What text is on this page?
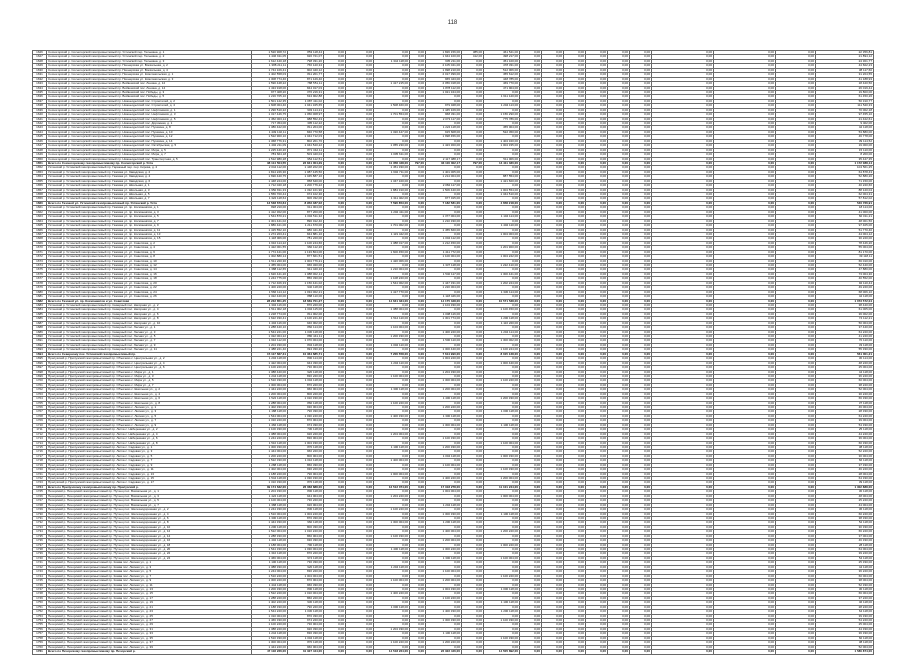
118
1626	Сосногорский р. Сосногорский газопромысловый пр. Ухтинский пер. Тельмана, д. 1	1 520 908,72	853 118,44	0,00	0,00	0,00	0,00	1 826 156,00	385,00	461 541,00	0,00	0,00	0,00	0,00	0,00	0,00	0,00	0,00	0,00	22 356,81
1627	Сосногорский р. Сосногорский газопромысловый пр. Ухтинский пер. Тельмана, д. 2	1 446 911,05	920 721,07	0,00	0,00	0,00	0,00	1 944 100,00	412,00	498 217,00	0,00	0,00	0,00	0,00	0,00	0,00	0,00	0,00	0,00	21 894,12
1628	Сосногорский р. Сосногорский газопромысловый пр. Ухтинский пер. Тельмана, д. 3	1 612 440,18	798 331,20	0,00	0,00	1 344 118,00	0,00	605 211,00	0,00	451 100,00	0,00	0,00	0,00	0,00	0,00	0,00	0,00	0,00	0,00	24 301,77
1629	Сосногорский р. Сосногорский газопромысловый пр. Пионерская ул. Вокзальная, д. 2	1 388 211,11	766 120,34	0,00	0,00	0,00	0,00	2 105 041,00	0,00	478 331,00	0,00	0,00	0,00	0,00	0,00	0,00	0,00	0,00	0,00	44 602,23
1630	Сосногорский р. Сосногорский газопромысловый пр. Пионерская ул. Вокзальная, д. 4	1 744 109,41	902 440,12	0,00	0,00	0,00	0,00	1 998 210,00	0,00	512 006,00	0,00	0,00	0,00	0,00	0,00	0,00	0,00	0,00	0,00	38 117,60
1631	Сосногорский р. Сосногорский газопромысловый пр. Пионерская ул. Комсомольская, д. 1	1 402 558,03	811 201,77	0,00	0,00	0,00	0,00	2 017 399,00	0,00	455 612,00	0,00	0,00	0,00	0,00	0,00	0,00	0,00	0,00	0,00	31 204,55
1632	Сосногорский р. Сосногорский газопромысловый пр. Пионерская ул. Комсомольская, д. 3	1 308 774,46	871 129,40	0,00	0,00	0,00	0,00	965 443,00	0,00	448 785,00	0,00	0,00	0,00	0,00	0,00	0,00	0,00	0,00	0,00	41 188,93
1633	Сосногорский р. Сосногорский газопромысловый пр. Войвожский пос. Ленина, д. 12	1 590 448,22	788 551,11	0,00	0,00	1 417 215,00	0,00	2 056 018,00	0,00	469 770,00	0,00	0,00	0,00	0,00	0,00	0,00	0,00	0,00	0,00	18 420,50
1634	Сосногорский р. Сосногорский газопромысловый пр. Войвожский пос. Ленина, д. 14	1 434 918,00	844 017,03	0,00	0,00	0,00	0,00	1 878 112,00	0,00	471 904,00	0,00	0,00	0,00	0,00	0,00	0,00	0,00	0,00	0,00	26 019,44
1635	Сосногорский р. Сосногорский газопромысловый пр. Войвожский пос. Победы, д. 3	977 408,20	376 216,31	0,00	0,00	0,00	0,00	1 021 344,00	0,00	0,00	0,00	0,00	0,00	0,00	0,00	0,00	0,00	0,00	0,00	19 800,00
1636	Сосногорский р. Сосногорский газопромысловый пр. Войвожский пос. Победы, д. 5	1 216 705,10	634 902,88	0,00	0,00	0,00	0,00	0,00	0,00	1 611 120,00	0,00	0,00	0,00	0,00	0,00	0,00	0,00	0,00	0,00	61 450,26
1637	Сосногорский р. Сосногорский газопромысловый пр. Нижнеодесский пос. Строителей, д. 2	1 501 122,35	1 087 411,02	0,00	0,00	0,00	0,00	0,00	0,00	0,00	0,00	0,00	0,00	0,00	0,00	0,00	0,00	0,00	0,00	50 310,77
1638	Сосногорский р. Сосногорский газопромысловый пр. Нижнеодесский пос. Строителей, д. 4	1 608 004,40	1 041 325,65	0,00	0,00	1 508 460,00	0,00	979 048,00	0,00	1 204 113,00	0,00	0,00	0,00	0,00	0,00	0,00	0,00	0,00	0,00	111 540,33
1639	Сосногорский р. Сосногорский газопромысловый пр. Нижнеодесский пос. Нефтяников, д. 1	1 290 510,22	903 114,21	0,00	0,00	0,00	0,00	1 445 109,00	0,00	0,00	0,00	0,00	0,00	0,00	0,00	0,00	0,00	0,00	0,00	70 002,18
1640	Сосногорский р. Сосногорский газопромысловый пр. Нижнеодесский пос. Нефтяников, д. 3	1 317 446,75	1 050 008,97	0,00	0,00	1 701 554,00	0,00	968 331,00	0,00	1 156 290,00	0,00	0,00	0,00	0,00	0,00	0,00	0,00	0,00	0,00	97 455,10
1641	Сосногорский р. Сосногорский газопромысловый пр. Нижнеодесский пос. Нефтяников, д. 5	1 452 003,14	988 552,43	0,00	0,00	0,00	0,00	2 073 117,00	0,00	775 786,00	0,00	0,00	0,00	0,00	0,00	0,00	0,00	0,00	0,00	21 422,61
1642	Сосногорский р. Сосногорский газопромысловый пр. Нижнеодесский пос. Дорожная, д. 1	717 454,00	395 112,22	0,00	0,00	0,00	0,00	0,00	0,00	0,00	0,00	0,00	0,00	0,00	0,00	0,00	0,00	0,00	0,00	9 402,00
1643	Сосногорский р. Сосногорский газопромысловый пр. Нижнеодесский пос. Пушкина, д. 8	1 380 422,00	811 204,00	0,00	0,00	0,00	0,00	1 224 118,00	0,00	455 004,00	0,00	0,00	0,00	0,00	0,00	0,00	0,00	0,00	0,00	42 118,00
1644	Сосногорский р. Сосногорский газопромысловый пр. Нижнеодесский пос. Пушкина, д. 10	1 449 102,11	840 770,58	0,00	0,00	1 320 447,00	0,00	915 608,00	0,00	522 450,00	0,00	0,00	0,00	0,00	0,00	0,00	0,00	0,00	0,00	53 880,00
1645	Сосногорский р. Сосногорский газопромысловый пр. Нижнеодесский пос. Пушкина, д. 12	1 522 900,10	1 044 712,03	0,00	0,00	0,00	0,00	1 998 456,00	0,00	0,00	0,00	0,00	0,00	0,00	0,00	0,00	0,00	0,00	0,00	46 778,00
1646	Сосногорский р. Сосногорский газопромысловый пр. Нижнеодесский пос. Пушкина, д. 14	1 368 776,31	802 201,76	0,00	0,00	0,00	0,00	0,00	0,00	1 404 320,00	0,00	0,00	0,00	0,00	0,00	0,00	0,00	0,00	0,00	39 114,52
1647	Сосногорский р. Сосногорский газопромысловый пр. Нижнеодесский пос. Октябрьская, д. 5	1 402 211,09	1 044 520,22	0,00	0,00	1 055 230,00	0,00	1 423 300,00	0,00	1 004 335,00	0,00	0,00	0,00	0,00	0,00	0,00	0,00	0,00	0,00	19 000,00
1648	Сосногорский р. Сосногорский газопромысловый пр. Нижнеодесский пос. Мира, д. 5	1 225 440,20	871 342,11	0,00	0,00	0,00	0,00	0,00	0,00	0,00	0,00	0,00	0,00	0,00	0,00	0,00	0,00	0,00	0,00	15 110,00
1649	Сосногорский р. Сосногорский газопромысловый пр. Нижнеодесский пос. Мира, д. 7	783 664,18	503 440,04	0,00	0,00	1 005 611,00	0,00	0,00	0,00	0,00	0,00	0,00	0,00	0,00	0,00	0,00	0,00	0,00	0,00	8 200,00
1650	Сосногорский р. Сосногорский газопромысловый пр. Нижнеодесский пос. Транспортная, д. 5	1 512 980,28	954 112,51	0,00	0,00	0,00	0,00	2 117 488,17	0,00	511 006,00	0,00	0,00	0,00	0,00	0,00	0,00	0,00	0,00	0,00	35 447,35
1651	Всего по Сосногорскому газопромысловому пр. Сосногорский р. Ухта	38 114 504,55	22 841 004,29	0,00	0,00	11 358 448,00	797,00	33 116 302,17	797,00	14 411 330,00	0,00	0,00	0,00	0,00	0,00	0,00	0,00	0,00	0,00	1 172 088,14
1652	Ухтинский р. Ухтинский газопромысловый пр. Гаражный пер. пер. Кирова, д. 4	2 044 112,00	1 448 202,00	0,00	0,00	1 451 330,00	0,00	0,00	0,00	0,00	0,00	0,00	0,00	0,00	0,00	0,00	0,00	0,00	0,00	104 561,25
1653	Ухтинский р. Ухтинский газопромысловый пр. Газовая ул. Заводская, д. 2	1 814 226,30	1 087 445,50	0,00	0,00	1 602 711,00	0,00	1 401 005,00	0,00	0,00	0,00	0,00	0,00	0,00	0,00	0,00	0,00	0,00	0,00	64 878,43
1654	Ухтинский р. Ухтинский газопромысловый пр. Газовая ул. Заводская, д. 4	1 690 440,75	1 045 887,10	0,00	0,00	0,00	0,00	1 214 004,00	0,00	887 554,00	0,00	0,00	0,00	0,00	0,00	0,00	0,00	0,00	0,00	52 880,20
1655	Ухтинский р. Ухтинский газопромысловый пр. Газовая ул. Заводская, д. 6	1 448 224,00	958 640,00	0,00	0,00	1 347 100,00	0,00	0,00	0,00	1 421 600,00	0,00	0,00	0,00	0,00	0,00	0,00	0,00	0,00	0,00	71 150,00
1656	Ухтинский р. Ухтинский газопромысловый пр. Газовая ул. Школьная, д. 1	1 712 040,18	1 200 776,22	0,00	0,00	0,00	0,00	2 084 117,00	0,00	0,00	0,00	0,00	0,00	0,00	0,00	0,00	0,00	0,00	0,00	40 220,66
1657	Ухтинский р. Ухтинский газопромысловый пр. Газовая ул. Школьная, д. 3	1 950 811,33	1 332 101,90	0,00	0,00	1 884 310,00	0,00	1 506 440,00	0,00	1 004 554,00	0,00	0,00	0,00	0,00	0,00	0,00	0,00	0,00	0,00	88 120,04
1658	Ухтинский р. Ухтинский газопромысловый пр. Газовая ул. Школьная, д. 5	1 556 700,44	974 102,30	0,00	0,00	0,00	0,00	0,00	0,00	1 344 510,00	0,00	0,00	0,00	0,00	0,00	0,00	0,00	0,00	0,00	62 004,31
1659	Ухтинский р. Ухтинский газопромысловый пр. Газовая ул. Школьная, д. 7	1 322 118,64	906 332,00	0,00	0,00	1 311 402,00	0,00	977 015,00	0,00	0,00	0,00	0,00	0,00	0,00	0,00	0,00	0,00	0,00	0,00	57 812,02
1660	Всего по Газовой ул. Ухтинский газопромысловый пр. Ухтинский р. Ухта	13 538 673,64	8 953 487,02	0,00	0,00	7 596 853,00	0,00	7 182 581,00	0,00	4 658 218,00	0,00	0,00	0,00	0,00	0,00	0,00	0,00	0,00	0,00	540 726,91
1661	Ухтинский р. Ухтинский газопромысловый пр. Газовая ул. пр. Космонавтов, д. 1	998 210,00	611 004,00	0,00	0,00	0,00	0,00	0,00	0,00	0,00	0,00	0,00	0,00	0,00	0,00	0,00	0,00	0,00	0,00	18 114,00
1662	Ухтинский р. Ухтинский газопромысловый пр. Газовая ул. пр. Космонавтов, д. 3	1 412 302,00	877 200,00	0,00	0,00	1 202 411,00	0,00	0,00	0,00	0,00	0,00	0,00	0,00	0,00	0,00	0,00	0,00	0,00	0,00	41 000,00
1663	Ухтинский р. Ухтинский газопромысловый пр. Газовая ул. пр. Космонавтов, д. 5	1 544 870,21	1 004 511,32	0,00	0,00	0,00	0,00	1 377 004,00	0,00	1 104 114,00	0,00	0,00	0,00	0,00	0,00	0,00	0,00	0,00	0,00	60 011,21
1664	Ухтинский р. Ухтинский газопромысловый пр. Газовая ул. пр. Космонавтов, д. 7	1 301 441,02	890 012,40	0,00	0,00	0,00	0,00	1 210 330,00	0,00	0,00	0,00	0,00	0,00	0,00	0,00	0,00	0,00	0,00	0,00	48 001,56
1665	Ухтинский р. Ухтинский газопромысловый пр. Газовая ул. пр. Космонавтов, д. 9	1 880 421,00	1 211 670,00	0,00	0,00	1 701 002,00	0,00	0,00	0,00	1 402 110,00	0,00	0,00	0,00	0,00	0,00	0,00	0,00	0,00	0,00	97 405,00
1666	Ухтинский р. Ухтинский газопромысловый пр. Газовая ул. пр. Космонавтов, д. 11	1 415 552,10	980 441,40	0,00	0,00	0,00	0,00	1 455 660,00	0,00	0,00	0,00	0,00	0,00	0,00	0,00	0,00	0,00	0,00	0,00	51 770,40
1667	Ухтинский р. Ухтинский газопромысловый пр. Газовая ул. пр. Космонавтов, д. 13	1 274 203,41	844 881,10	0,00	0,00	1 119 442,00	0,00	0,00	0,00	1 004 003,00	0,00	0,00	0,00	0,00	0,00	0,00	0,00	0,00	0,00	44 004,12
1668	Ухтинский р. Ухтинский газопромысловый пр. Газовая ул. пр. Космонавтов, д. 15	1 118 006,00	781 220,00	0,00	0,00	0,00	0,00	1 004 112,00	0,00	0,00	0,00	0,00	0,00	0,00	0,00	0,00	0,00	0,00	0,00	30 220,00
1669	Ухтинский р. Ухтинский газопромысловый пр. Газовая ул. ул. Советская, д. 2	1 610 114,22	1 100 244,66	0,00	0,00	1 388 017,00	0,00	1 212 450,00	0,00	0,00	0,00	0,00	0,00	0,00	0,00	0,00	0,00	0,00	0,00	78 446,20
1670	Ухтинский р. Ухтинский газопромысловый пр. Газовая ул. ул. Советская, д. 4	1 422 001,55	960 112,20	0,00	0,00	0,00	0,00	0,00	0,00	1 201 900,00	0,00	0,00	0,00	0,00	0,00	0,00	0,00	0,00	0,00	55 004,00
1671	Ухтинский р. Ухтинский газопромысловый пр. Газовая ул. ул. Советская, д. 6	1 774 441,00	1 133 804,00	0,00	0,00	1 600 450,00	0,00	1 411 772,00	0,00	0,00	0,00	0,00	0,00	0,00	0,00	0,00	0,00	0,00	0,00	81 170,00
1672	Ухтинский р. Ухтинский газопромысловый пр. Газовая ул. ул. Советская, д. 8	1 302 880,14	877 661,51	0,00	0,00	0,00	0,00	1 100 004,00	0,00	1 004 222,00	0,00	0,00	0,00	0,00	0,00	0,00	0,00	0,00	0,00	39 118,11
1673	Ухтинский р. Ухтинский газопромысловый пр. Газовая ул. ул. Советская, д. 10	1 511 220,30	1 004 776,21	0,00	0,00	1 420 006,00	0,00	0,00	0,00	0,00	0,00	0,00	0,00	0,00	0,00	0,00	0,00	0,00	0,00	66 010,00
1674	Ухтинский р. Ухтинский газопромысловый пр. Газовая ул. ул. Советская, д. 12	1 455 004,00	966 320,00	0,00	0,00	0,00	0,00	1 337 118,00	0,00	1 222 410,00	0,00	0,00	0,00	0,00	0,00	0,00	0,00	0,00	0,00	52 440,00
1675	Ухтинский р. Ухтинский газопромысловый пр. Газовая ул. ул. Советская, д. 14	1 388 112,65	911 440,10	0,00	0,00	1 210 004,00	0,00	0,00	0,00	0,00	0,00	0,00	0,00	0,00	0,00	0,00	0,00	0,00	0,00	47 880,00
1676	Ухтинский р. Ухтинский газопромысловый пр. Газовая ул. ул. Советская, д. 16	1 620 441,20	1 088 002,14	0,00	0,00	0,00	0,00	1 540 117,00	0,00	1 300 441,00	0,00	0,00	0,00	0,00	0,00	0,00	0,00	0,00	0,00	73 004,30
1677	Ухтинский р. Ухтинский газопромысловый пр. Газовая ул. ул. Советская, д. 18	1 244 775,00	856 330,00	0,00	0,00	1 108 220,00	0,00	0,00	0,00	0,00	0,00	0,00	0,00	0,00	0,00	0,00	0,00	0,00	0,00	40 552,00
1678	Ухтинский р. Ухтинский газопромысловый пр. Газовая ул. ул. Советская, д. 20	1 712 406,33	1 150 441,02	0,00	0,00	1 544 002,00	0,00	1 447 331,00	0,00	1 202 224,00	0,00	0,00	0,00	0,00	0,00	0,00	0,00	0,00	0,00	92 110,44
1679	Ухтинский р. Ухтинский газопромысловый пр. Газовая ул. ул. Советская, д. 22	1 400 220,00	940 118,00	0,00	0,00	0,00	0,00	1 220 004,00	0,00	0,00	0,00	0,00	0,00	0,00	0,00	0,00	0,00	0,00	0,00	49 220,00
1680	Ухтинский р. Ухтинский газопромысловый пр. Газовая ул. ул. Советская, д. 24	1 566 114,12	1 034 002,21	0,00	0,00	1 417 770,00	0,00	0,00	0,00	1 330 114,00	0,00	0,00	0,00	0,00	0,00	0,00	0,00	0,00	0,00	68 006,10
1681	Ухтинский р. Ухтинский газопромысловый пр. Газовая ул. ул. Советская, д. 26	1 322 440,00	888 110,00	0,00	0,00	0,00	0,00	1 118 446,00	0,00	0,00	0,00	0,00	0,00	0,00	0,00	0,00	0,00	0,00	0,00	42 118,00
1682	Всего по Газовой ул. пр. Космонавтов и ул. Советская	28 232 851,25	18 669 701,27	0,00	0,00	14 631 334,00	0,00	14 175 348,00	0,00	10 571 538,00	0,00	0,00	0,00	0,00	0,00	0,00	0,00	0,00	0,00	1 073 572,04
1683	Ухтинский р. Ухтинский газопромысловый пр. Северный пос. Нагорная ул., д. 2	1 304 116,00	870 220,00	0,00	0,00	0,00	0,00	1 104 330,00	0,00	0,00	0,00	0,00	0,00	0,00	0,00	0,00	0,00	0,00	0,00	38 440,00
1684	Ухтинский р. Ухтинский газопромысловый пр. Северный пос. Нагорная ул., д. 4	1 511 002,18	1 004 115,00	0,00	0,00	1 388 004,00	0,00	0,00	0,00	1 100 450,00	0,00	0,00	0,00	0,00	0,00	0,00	0,00	0,00	0,00	61 005,00
1685	Ухтинский р. Ухтинский газопромысловый пр. Северный пос. Нагорная ул., д. 6	1 218 774,00	811 002,00	0,00	0,00	0,00	0,00	1 008 116,00	0,00	0,00	0,00	0,00	0,00	0,00	0,00	0,00	0,00	0,00	0,00	36 002,00
1686	Ухтинский р. Ухтинский газопромысловый пр. Северный пос. Нагорная ул., д. 8	1 622 330,41	1 100 221,40	0,00	0,00	1 512 110,00	0,00	1 301 774,00	0,00	1 200 118,00	0,00	0,00	0,00	0,00	0,00	0,00	0,00	0,00	0,00	74 112,21
1687	Ухтинский р. Ухтинский газопромысловый пр. Северный пос. Нагорная ул., д. 10	1 404 116,00	940 002,00	0,00	0,00	0,00	0,00	0,00	0,00	1 110 220,00	0,00	0,00	0,00	0,00	0,00	0,00	0,00	0,00	0,00	50 004,00
1688	Ухтинский р. Ухтинский газопромысловый пр. Северный пос. Лесная ул., д. 1	1 288 440,10	860 114,00	0,00	0,00	1 104 004,00	0,00	0,00	0,00	0,00	0,00	0,00	0,00	0,00	0,00	0,00	0,00	0,00	0,00	37 440,00
1689	Ухтинский р. Ухтинский газопромысловый пр. Северный пос. Лесная ул., д. 3	1 544 221,00	1 030 118,00	0,00	0,00	0,00	0,00	1 400 220,00	0,00	1 204 114,00	0,00	0,00	0,00	0,00	0,00	0,00	0,00	0,00	0,00	64 220,00
1690	Ухтинский р. Ухтинский газопромысловый пр. Северный пос. Лесная ул., д. 5	1 322 004,22	880 441,11	0,00	0,00	1 200 330,00	0,00	0,00	0,00	0,00	0,00	0,00	0,00	0,00	0,00	0,00	0,00	0,00	0,00	41 220,00
1691	Ухтинский р. Ухтинский газопромысловый пр. Северный пос. Лесная ул., д. 7	1 610 112,00	1 070 004,00	0,00	0,00	0,00	0,00	1 500 110,00	0,00	1 300 002,00	0,00	0,00	0,00	0,00	0,00	0,00	0,00	0,00	0,00	70 110,00
1692	Ухтинский р. Ухтинский газопромысловый пр. Северный пос. Лесная ул., д. 9	1 204 330,00	804 118,00	0,00	0,00	1 002 110,00	0,00	0,00	0,00	0,00	0,00	0,00	0,00	0,00	0,00	0,00	0,00	0,00	0,00	33 118,00
1693	Ухтинский р. Ухтинский газопромысловый пр. Северный пос. Лесная ул., д. 11	1 488 221,40	994 330,20	0,00	0,00	0,00	0,00	1 300 440,00	0,00	1 100 224,00	0,00	0,00	0,00	0,00	0,00	0,00	0,00	0,00	0,00	55 330,00
1694	Всего по Северному пос. Ухтинский газопромысловый пр.	15 117 667,31	10 364 685,71	0,00	0,00	7 206 558,00	0,00	7 614 990,00	0,00	8 015 128,00	0,00	0,00	0,00	0,00	0,00	0,00	0,00	0,00	0,00	561 001,21
1695	Прилузский р. Прилузский газопромысловый пр. Объячево с. Центральная ул., д. 2	1 204 118,00	800 114,00	0,00	0,00	0,00	0,00	1 004 220,00	0,00	0,00	0,00	0,00	0,00	0,00	0,00	0,00	0,00	0,00	0,00	30 114,00
1696	Прилузский р. Прилузский газопромысловый пр. Объячево с. Центральная ул., д. 4	1 422 004,00	944 330,00	0,00	0,00	1 204 110,00	0,00	0,00	0,00	1 000 440,00	0,00	0,00	0,00	0,00	0,00	0,00	0,00	0,00	0,00	48 220,00
1697	Прилузский р. Прилузский газопромысловый пр. Объячево с. Центральная ул., д. 6	1 100 220,00	730 004,00	0,00	0,00	0,00	0,00	0,00	0,00	0,00	0,00	0,00	0,00	0,00	0,00	0,00	0,00	0,00	0,00	25 004,00
1698	Прилузский р. Прилузский газопромысловый пр. Объячево с. Мира ул., д. 1	1 388 440,00	920 118,00	0,00	0,00	0,00	0,00	1 204 330,00	0,00	0,00	0,00	0,00	0,00	0,00	0,00	0,00	0,00	0,00	0,00	44 118,00
1699	Прилузский р. Прилузский газопромысловый пр. Объячево с. Мира ул., д. 3	1 244 118,00	830 220,00	0,00	0,00	1 100 004,00	0,00	0,00	0,00	0,00	0,00	0,00	0,00	0,00	0,00	0,00	0,00	0,00	0,00	36 220,00
1700	Прилузский р. Прилузский газопромысловый пр. Объячево с. Мира ул., д. 5	1 510 330,00	1 004 118,00	0,00	0,00	0,00	0,00	1 300 004,00	0,00	1 100 220,00	0,00	0,00	0,00	0,00	0,00	0,00	0,00	0,00	0,00	60 004,00
1701	Прилузский р. Прилузский газопромысловый пр. Объячево с. Мира ул., д. 7	1 300 004,00	870 220,00	0,00	0,00	0,00	0,00	0,00	0,00	0,00	0,00	0,00	0,00	0,00	0,00	0,00	0,00	0,00	0,00	38 220,00
1702	Прилузский р. Прилузский газопромысловый пр. Объячево с. Школьная ул., д. 2	1 444 220,00	960 004,00	0,00	0,00	1 300 118,00	0,00	1 200 004,00	0,00	0,00	0,00	0,00	0,00	0,00	0,00	0,00	0,00	0,00	0,00	52 004,00
1703	Прилузский р. Прилузский газопромысловый пр. Объячево с. Школьная ул., д. 4	1 200 004,00	800 220,00	0,00	0,00	0,00	0,00	0,00	0,00	0,00	0,00	0,00	0,00	0,00	0,00	0,00	0,00	0,00	0,00	30 220,00
1704	Прилузский р. Прилузский газопромысловый пр. Объячево с. Школьная ул., д. 6	1 522 118,00	1 010 330,00	0,00	0,00	0,00	0,00	1 400 118,00	0,00	1 200 330,00	0,00	0,00	0,00	0,00	0,00	0,00	0,00	0,00	0,00	66 330,00
1705	Прилузский р. Прилузский газопромысловый пр. Объячево с. Школьная ул., д. 8	1 288 004,00	860 118,00	0,00	0,00	1 100 220,00	0,00	0,00	0,00	0,00	0,00	0,00	0,00	0,00	0,00	0,00	0,00	0,00	0,00	37 118,00
1706	Прилузский р. Прилузский газопромысловый пр. Объячево с. Лесная ул., д. 1	1 402 330,00	930 004,00	0,00	0,00	0,00	0,00	1 200 220,00	0,00	0,00	0,00	0,00	0,00	0,00	0,00	0,00	0,00	0,00	0,00	46 004,00
1707	Прилузский р. Прилузский газопромысловый пр. Объячево с. Лесная ул., д. 3	1 188 118,00	790 330,00	0,00	0,00	0,00	0,00	0,00	0,00	1 000 118,00	0,00	0,00	0,00	0,00	0,00	0,00	0,00	0,00	0,00	28 330,00
1708	Прилузский р. Прилузский газопромысловый пр. Объячево с. Лесная ул., д. 5	1 544 004,00	1 030 220,00	0,00	0,00	1 400 330,00	0,00	1 300 118,00	0,00	0,00	0,00	0,00	0,00	0,00	0,00	0,00	0,00	0,00	0,00	64 220,00
1709	Прилузский р. Прилузский газопромысловый пр. Объячево с. Лесная ул., д. 7	1 310 220,00	870 004,00	0,00	0,00	0,00	0,00	0,00	0,00	0,00	0,00	0,00	0,00	0,00	0,00	0,00	0,00	0,00	0,00	39 004,00
1710	Прилузский р. Прилузский газопромысловый пр. Объячево с. Лесная ул., д. 9	1 466 118,00	974 330,00	0,00	0,00	0,00	0,00	1 300 004,00	0,00	1 100 118,00	0,00	0,00	0,00	0,00	0,00	0,00	0,00	0,00	0,00	54 330,00
1711	Прилузский р. Прилузский газопромысловый пр. Летка с. Набережная ул., д. 2	1 100 330,00	730 118,00	0,00	0,00	0,00	0,00	0,00	0,00	0,00	0,00	0,00	0,00	0,00	0,00	0,00	0,00	0,00	0,00	25 118,00
1712	Прилузский р. Прилузский газопромысловый пр. Летка с. Набережная ул., д. 4	1 388 004,00	920 220,00	0,00	0,00	1 204 004,00	0,00	0,00	0,00	0,00	0,00	0,00	0,00	0,00	0,00	0,00	0,00	0,00	0,00	44 220,00
1713	Прилузский р. Прилузский газопромысловый пр. Летка с. Набережная ул., д. 6	1 244 220,00	830 004,00	0,00	0,00	0,00	0,00	1 100 330,00	0,00	0,00	0,00	0,00	0,00	0,00	0,00	0,00	0,00	0,00	0,00	36 004,00
1714	Прилузский р. Прилузский газопромысловый пр. Летка с. Набережная ул., д. 8	1 510 118,00	1 004 330,00	0,00	0,00	0,00	0,00	0,00	0,00	1 100 004,00	0,00	0,00	0,00	0,00	0,00	0,00	0,00	0,00	0,00	60 330,00
1715	Прилузский р. Прилузский газопромысловый пр. Летка с. Садовая ул., д. 1	1 300 330,00	870 118,00	0,00	0,00	1 100 118,00	0,00	1 200 330,00	0,00	0,00	0,00	0,00	0,00	0,00	0,00	0,00	0,00	0,00	0,00	38 118,00
1716	Прилузский р. Прилузский газопромысловый пр. Летка с. Садовая ул., д. 3	1 444 004,00	960 220,00	0,00	0,00	0,00	0,00	0,00	0,00	0,00	0,00	0,00	0,00	0,00	0,00	0,00	0,00	0,00	0,00	52 220,00
1717	Прилузский р. Прилузский газопромысловый пр. Летка с. Садовая ул., д. 5	1 200 220,00	800 004,00	0,00	0,00	0,00	0,00	1 004 118,00	0,00	1 000 330,00	0,00	0,00	0,00	0,00	0,00	0,00	0,00	0,00	0,00	30 004,00
1718	Прилузский р. Прилузский газопромысловый пр. Летка с. Садовая ул., д. 7	1 522 330,00	1 010 118,00	0,00	0,00	1 400 004,00	0,00	0,00	0,00	0,00	0,00	0,00	0,00	0,00	0,00	0,00	0,00	0,00	0,00	66 118,00
1719	Прилузский р. Прилузский газопромысловый пр. Летка с. Садовая ул., д. 9	1 288 118,00	860 330,00	0,00	0,00	0,00	0,00	1 100 004,00	0,00	0,00	0,00	0,00	0,00	0,00	0,00	0,00	0,00	0,00	0,00	37 330,00
1720	Прилузский р. Прилузский газопромысловый пр. Летка с. Садовая ул., д. 11	1 402 004,00	930 220,00	0,00	0,00	0,00	0,00	0,00	0,00	1 100 330,00	0,00	0,00	0,00	0,00	0,00	0,00	0,00	0,00	0,00	46 220,00
1721	Прилузский р. Прилузский газопромысловый пр. Летка с. Садовая ул., д. 13	1 188 220,00	790 004,00	0,00	0,00	1 000 004,00	0,00	0,00	0,00	0,00	0,00	0,00	0,00	0,00	0,00	0,00	0,00	0,00	0,00	28 004,00
1722	Прилузский р. Прилузский газопромысловый пр. Летка с. Садовая ул., д. 15	1 544 118,00	1 030 330,00	0,00	0,00	0,00	0,00	1 400 220,00	0,00	1 200 004,00	0,00	0,00	0,00	0,00	0,00	0,00	0,00	0,00	0,00	64 330,00
1723	Прилузский р. Прилузский газопромысловый пр. Летка с. Садовая ул., д. 17	1 310 330,00	870 118,00	0,00	0,00	0,00	0,00	0,00	0,00	0,00	0,00	0,00	0,00	0,00	0,00	0,00	0,00	0,00	0,00	39 118,00
1724	Всего по Прилузскому газопромысловому пр. Прилузский р.	39 174 632,00	26 068 888,00	0,00	0,00	12 512 074,00	0,00	17 318 278,00	0,00	11 101 244,00	0,00	0,00	0,00	0,00	0,00	0,00	0,00	0,00	0,00	1 302 888,00
1725	Печорский р. Печорский газопромысловый пр. Путеец пос. Вокзальная ул., д. 1	1 204 330,00	800 118,00	0,00	0,00	0,00	0,00	1 004 004,00	0,00	0,00	0,00	0,00	0,00	0,00	0,00	0,00	0,00	0,00	0,00	30 118,00
1726	Печорский р. Печорский газопромысловый пр. Путеец пос. Вокзальная ул., д. 3	1 422 118,00	944 004,00	0,00	0,00	1 204 220,00	0,00	0,00	0,00	1 000 004,00	0,00	0,00	0,00	0,00	0,00	0,00	0,00	0,00	0,00	48 004,00
1727	Печорский р. Печорский газопромысловый пр. Путеец пос. Вокзальная ул., д. 5	1 100 004,00	730 220,00	0,00	0,00	0,00	0,00	0,00	0,00	0,00	0,00	0,00	0,00	0,00	0,00	0,00	0,00	0,00	0,00	25 220,00
1728	Печорский р. Печорский газопромысловый пр. Путеец пос. Вокзальная ул., д. 7	1 388 118,00	920 004,00	0,00	0,00	0,00	0,00	1 204 118,00	0,00	0,00	0,00	0,00	0,00	0,00	0,00	0,00	0,00	0,00	0,00	44 004,00
1729	Печорский р. Печорский газопромысловый пр. Путеец пос. Железнодорожная ул., д. 2	1 244 330,00	830 118,00	0,00	0,00	1 100 220,00	0,00	0,00	0,00	0,00	0,00	0,00	0,00	0,00	0,00	0,00	0,00	0,00	0,00	36 118,00
1730	Печорский р. Печорский газопромысловый пр. Путеец пос. Железнодорожная ул., д. 4	1 510 004,00	1 004 220,00	0,00	0,00	0,00	0,00	1 300 330,00	0,00	1 100 118,00	0,00	0,00	0,00	0,00	0,00	0,00	0,00	0,00	0,00	60 220,00
1731	Печорский р. Печорский газопромысловый пр. Путеец пос. Железнодорожная ул., д. 6	1 300 118,00	870 330,00	0,00	0,00	0,00	0,00	0,00	0,00	0,00	0,00	0,00	0,00	0,00	0,00	0,00	0,00	0,00	0,00	38 330,00
1732	Печорский р. Печорский газопромысловый пр. Путеец пос. Железнодорожная ул., д. 8	1 444 330,00	960 118,00	0,00	0,00	1 300 004,00	0,00	1 200 118,00	0,00	0,00	0,00	0,00	0,00	0,00	0,00	0,00	0,00	0,00	0,00	52 118,00
1733	Печорский р. Печорский газопромысловый пр. Путеец пос. Железнодорожная ул., д. 10	1 200 118,00	800 330,00	0,00	0,00	0,00	0,00	0,00	0,00	0,00	0,00	0,00	0,00	0,00	0,00	0,00	0,00	0,00	0,00	30 330,00
1734	Печорский р. Печорский газопромысловый пр. Путеец пос. Железнодорожная ул., д. 12	1 522 004,00	1 010 220,00	0,00	0,00	0,00	0,00	1 400 004,00	0,00	1 200 220,00	0,00	0,00	0,00	0,00	0,00	0,00	0,00	0,00	0,00	66 220,00
1735	Печорский р. Печорский газопромысловый пр. Путеец пос. Железнодорожная ул., д. 14	1 288 330,00	860 004,00	0,00	0,00	1 100 330,00	0,00	0,00	0,00	0,00	0,00	0,00	0,00	0,00	0,00	0,00	0,00	0,00	0,00	37 004,00
1736	Печорский р. Печорский газопромысловый пр. Путеец пос. Железнодорожная ул., д. 16	1 402 118,00	930 330,00	0,00	0,00	0,00	0,00	1 200 004,00	0,00	0,00	0,00	0,00	0,00	0,00	0,00	0,00	0,00	0,00	0,00	46 330,00
1737	Печорский р. Печорский газопромысловый пр. Путеец пос. Железнодорожная ул., д. 18	1 188 004,00	790 118,00	0,00	0,00	0,00	0,00	0,00	0,00	1 000 220,00	0,00	0,00	0,00	0,00	0,00	0,00	0,00	0,00	0,00	28 118,00
1738	Печорский р. Печорский газопромысловый пр. Путеец пос. Железнодорожная ул., д. 20	1 544 330,00	1 030 004,00	0,00	0,00	1 400 118,00	0,00	1 300 220,00	0,00	0,00	0,00	0,00	0,00	0,00	0,00	0,00	0,00	0,00	0,00	64 004,00
1739	Печорский р. Печорский газопромысловый пр. Путеец пос. Железнодорожная ул., д. 22	1 310 118,00	870 220,00	0,00	0,00	0,00	0,00	0,00	0,00	0,00	0,00	0,00	0,00	0,00	0,00	0,00	0,00	0,00	0,00	39 220,00
1740	Печорский р. Печорский газопромысловый пр. Путеец пос. Железнодорожная ул., д. 24	1 466 004,00	974 118,00	0,00	0,00	0,00	0,00	1 300 118,00	0,00	1 100 004,00	0,00	0,00	0,00	0,00	0,00	0,00	0,00	0,00	0,00	54 118,00
1741	Печорский р. Печорский газопромысловый пр. Кожва пос. Лесная ул., д. 1	1 100 118,00	730 330,00	0,00	0,00	0,00	0,00	0,00	0,00	0,00	0,00	0,00	0,00	0,00	0,00	0,00	0,00	0,00	0,00	25 330,00
1742	Печорский р. Печорский газопромысловый пр. Кожва пос. Лесная ул., д. 3	1 388 330,00	920 118,00	0,00	0,00	1 204 118,00	0,00	0,00	0,00	0,00	0,00	0,00	0,00	0,00	0,00	0,00	0,00	0,00	0,00	44 118,00
1743	Печорский р. Печорский газопромысловый пр. Кожва пос. Лесная ул., д. 5	1 244 004,00	830 220,00	0,00	0,00	0,00	0,00	1 100 004,00	0,00	0,00	0,00	0,00	0,00	0,00	0,00	0,00	0,00	0,00	0,00	36 220,00
1744	Печорский р. Печорский газопромысловый пр. Кожва пос. Лесная ул., д. 7	1 510 220,00	1 004 004,00	0,00	0,00	0,00	0,00	0,00	0,00	1 100 220,00	0,00	0,00	0,00	0,00	0,00	0,00	0,00	0,00	0,00	60 004,00
1745	Печорский р. Печорский газопромысловый пр. Кожва пос. Лесная ул., д. 9	1 300 220,00	870 004,00	0,00	0,00	1 100 004,00	0,00	1 200 004,00	0,00	0,00	0,00	0,00	0,00	0,00	0,00	0,00	0,00	0,00	0,00	38 004,00
1746	Печорский р. Печорский газопромысловый пр. Кожва пос. Лесная ул., д. 11	1 444 118,00	960 330,00	0,00	0,00	0,00	0,00	0,00	0,00	0,00	0,00	0,00	0,00	0,00	0,00	0,00	0,00	0,00	0,00	52 330,00
1747	Печорский р. Печорский газопромысловый пр. Кожва пос. Лесная ул., д. 13	1 200 330,00	800 118,00	0,00	0,00	0,00	0,00	1 004 330,00	0,00	1 000 118,00	0,00	0,00	0,00	0,00	0,00	0,00	0,00	0,00	0,00	30 118,00
1748	Печорский р. Печорский газопромысловый пр. Кожва пос. Лесная ул., д. 15	1 522 220,00	1 010 004,00	0,00	0,00	1 400 220,00	0,00	0,00	0,00	0,00	0,00	0,00	0,00	0,00	0,00	0,00	0,00	0,00	0,00	66 004,00
1749	Печорский р. Печорский газопромысловый пр. Кожва пос. Лесная ул., д. 17	1 288 220,00	860 220,00	0,00	0,00	0,00	0,00	1 100 220,00	0,00	0,00	0,00	0,00	0,00	0,00	0,00	0,00	0,00	0,00	0,00	37 220,00
1750	Печорский р. Печорский газопромысловый пр. Кожва пос. Лесная ул., д. 19	1 402 220,00	930 118,00	0,00	0,00	0,00	0,00	0,00	0,00	1 100 118,00	0,00	0,00	0,00	0,00	0,00	0,00	0,00	0,00	0,00	46 118,00
1751	Печорский р. Печорский газопромысловый пр. Кожва пос. Лесная ул., д. 21	1 188 330,00	790 220,00	0,00	0,00	1 000 118,00	0,00	0,00	0,00	0,00	0,00	0,00	0,00	0,00	0,00	0,00	0,00	0,00	0,00	28 220,00
1752	Печорский р. Печорский газопромысловый пр. Кожва пос. Лесная ул., д. 23	1 544 220,00	1 030 118,00	0,00	0,00	0,00	0,00	1 400 330,00	0,00	1 200 118,00	0,00	0,00	0,00	0,00	0,00	0,00	0,00	0,00	0,00	64 118,00
1753	Печорский р. Печорский газопромысловый пр. Кожва пос. Лесная ул., д. 25	1 310 004,00	870 330,00	0,00	0,00	0,00	0,00	0,00	0,00	0,00	0,00	0,00	0,00	0,00	0,00	0,00	0,00	0,00	0,00	39 330,00
1754	Печорский р. Печорский газопромысловый пр. Кожва пос. Лесная ул., д. 27	1 466 330,00	974 220,00	0,00	0,00	0,00	0,00	1 300 330,00	0,00	1 100 330,00	0,00	0,00	0,00	0,00	0,00	0,00	0,00	0,00	0,00	54 220,00
1755	Печорский р. Печорский газопромысловый пр. Кожва пос. Лесная ул., д. 29	1 100 220,00	730 004,00	0,00	0,00	0,00	0,00	0,00	0,00	0,00	0,00	0,00	0,00	0,00	0,00	0,00	0,00	0,00	0,00	25 004,00
1756	Печорский р. Печорский газопромысловый пр. Кожва пос. Лесная ул., д. 31	1 388 220,00	920 330,00	0,00	0,00	1 204 330,00	0,00	0,00	0,00	0,00	0,00	0,00	0,00	0,00	0,00	0,00	0,00	0,00	0,00	44 330,00
1757	Печорский р. Печорский газопромысловый пр. Кожва пос. Лесная ул., д. 33	1 244 118,00	830 330,00	0,00	0,00	0,00	0,00	1 100 118,00	0,00	0,00	0,00	0,00	0,00	0,00	0,00	0,00	0,00	0,00	0,00	36 330,00
1758	Печорский р. Печорский газопромысловый пр. Кожва пос. Лесная ул., д. 35	1 510 330,00	1 004 118,00	0,00	0,00	0,00	0,00	0,00	0,00	1 100 330,00	0,00	0,00	0,00	0,00	0,00	0,00	0,00	0,00	0,00	60 118,00
1759	Печорский р. Печорский газопромысловый пр. Кожва пос. Лесная ул., д. 37	1 300 004,00	870 118,00	0,00	0,00	1 100 220,00	0,00	1 200 220,00	0,00	0,00	0,00	0,00	0,00	0,00	0,00	0,00	0,00	0,00	0,00	38 118,00
1760	Печорский р. Печорский газопромысловый пр. Кожва пос. Лесная ул., д. 39	1 444 220,00	960 004,00	0,00	0,00	0,00	0,00	0,00	0,00	0,00	0,00	0,00	0,00	0,00	0,00	0,00	0,00	0,00	0,00	52 004,00
1761	Всего по Печорскому газопромысловому пр. Печорский р.	47 118 226,00	31 327 444,00	0,00	0,00	14 518 224,00	0,00	22 322 446,00	0,00	14 505 892,00	0,00	0,00	0,00	0,00	0,00	0,00	0,00	0,00	0,00	1 580 874,00
